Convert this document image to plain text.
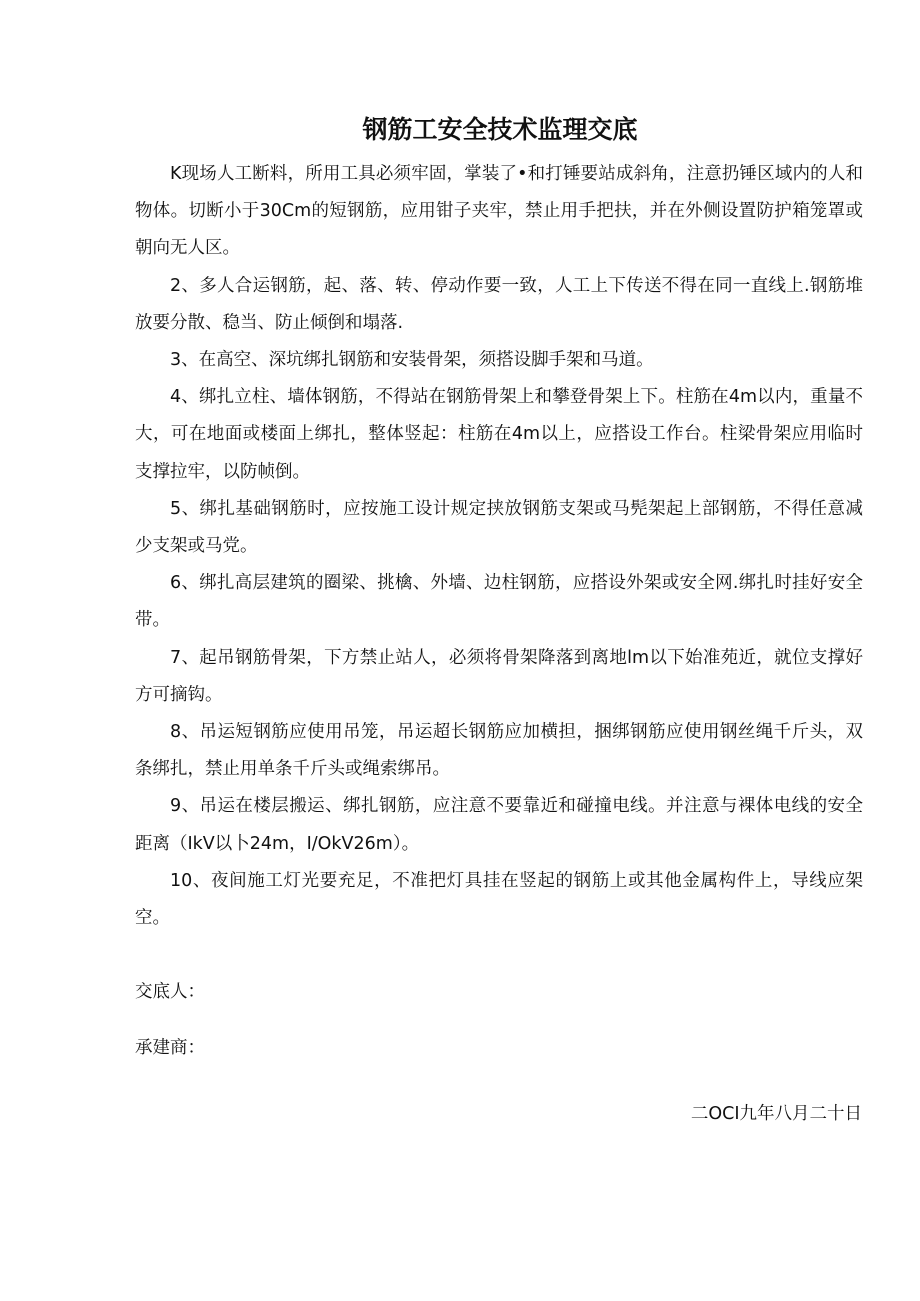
钢筋工安全技术监理交底

K现场人工断料，所用工具必须牢固，掌装了•和打锤要站成斜角，注意扔锤区域内的人和物体。切断小于30Cm的短钢筋，应用钳子夹牢，禁止用手把扶，并在外侧设置防护箱笼罩或朝向无人区。

2、多人合运钢筋，起、落、转、停动作要一致，人工上下传送不得在同一直线上.钢筋堆放要分散、稳当、防止倾倒和塌落.

3、在高空、深坑绑扎钢筋和安装骨架，须搭设脚手架和马道。

4、绑扎立柱、墙体钢筋，不得站在钢筋骨架上和攀登骨架上下。柱筋在4m以内，重量不大，可在地面或楼面上绑扎，整体竖起：柱筋在4m以上，应搭设工作台。柱梁骨架应用临时支撑拉牢，以防帧倒。

5、绑扎基础钢筋时，应按施工设计规定挟放钢筋支架或马髡架起上部钢筋，不得任意减少支架或马党。

6、绑扎高层建筑的圈梁、挑檎、外墙、边柱钢筋，应搭设外架或安全网.绑扎时挂好安全带。

7、起吊钢筋骨架，下方禁止站人，必须将骨架降落到离地lm以下始准苑近，就位支撑好方可摘钩。

8、吊运短钢筋应使用吊笼，吊运超长钢筋应加横担，捆绑钢筋应使用钢丝绳千斤头，双条绑扎，禁止用单条千斤头或绳索绑吊。

9、吊运在楼层搬运、绑扎钢筋，应注意不要靠近和碰撞电线。并注意与裸体电线的安全距离（IkV以卜24m，I/OkV26m）。

10、夜间施工灯光要充足，不准把灯具挂在竖起的钢筋上或其他金属构件上，导线应架空。

交底人：

承建商：

二OCI九年八月二十日
